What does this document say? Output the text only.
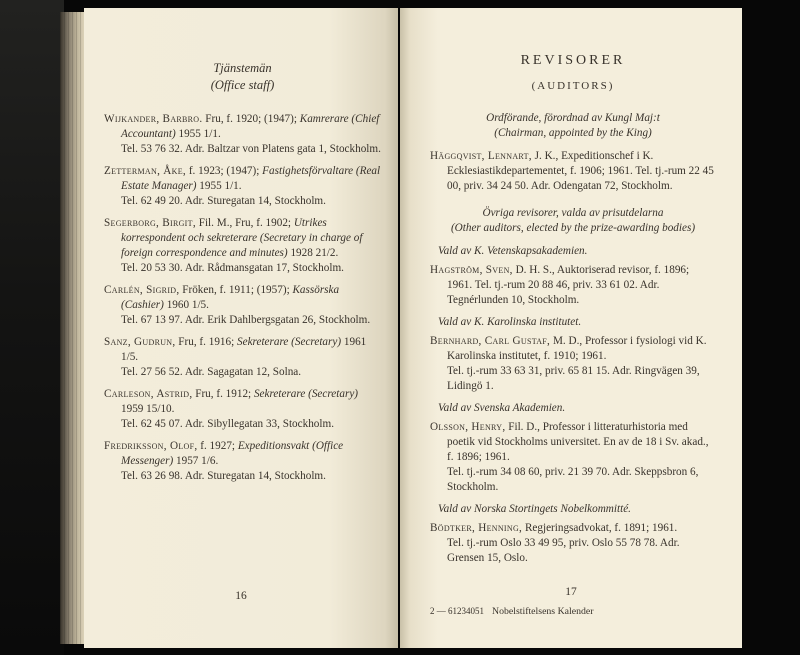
Tjänstemän
(Office staff)

Wijkander, Barbro. Fru, f. 1920; (1947); Kamrerare (Chief Accountant) 1955 1/1.
Tel. 53 76 32. Adr. Baltzar von Platens gata 1, Stockholm.

Zetterman, Åke, f. 1923; (1947); Fastighetsförvaltare (Real Estate Manager) 1955 1/1.
Tel. 62 49 20. Adr. Sturegatan 14, Stockholm.

Segerborg, Birgit, Fil. M., Fru, f. 1902; Utrikes korrespondent och sekreterare (Secretary in charge of foreign correspondence and minutes) 1928 21/2.
Tel. 20 53 30. Adr. Rådmansgatan 17, Stockholm.

Carlén, Sigrid, Fröken, f. 1911; (1957); Kassörska (Cashier) 1960 1/5.
Tel. 67 13 97. Adr. Erik Dahlbergsgatan 26, Stockholm.

Sanz, Gudrun, Fru, f. 1916; Sekreterare (Secretary) 1961 1/5.
Tel. 27 56 52. Adr. Sagagatan 12, Solna.

Carleson, Astrid, Fru, f. 1912; Sekreterare (Secretary) 1959 15/10.
Tel. 62 45 07. Adr. Sibyllegatan 33, Stockholm.

Fredriksson, Olof, f. 1927; Expeditionsvakt (Office Messenger) 1957 1/6.
Tel. 63 26 98. Adr. Sturegatan 14, Stockholm.

16
REVISORER
(AUDITORS)
Ordförande, förordnad av Kungl Maj:t
(Chairman, appointed by the King)

Häggqvist, Lennart, J. K., Expeditionschef i K. Ecklesiastikdepartementet, f. 1906; 1961. Tel. tj.-rum 22 45 00, priv. 34 24 50. Adr. Odengatan 72, Stockholm.

Övriga revisorer, valda av prisutdelarna
(Other auditors, elected by the prize-awarding bodies)
Vald av K. Vetenskapsakademien.

Hagström, Sven, D. H. S., Auktoriserad revisor, f. 1896; 1961. Tel. tj.-rum 20 88 46, priv. 33 61 02. Adr. Tegnérlunden 10, Stockholm.

Vald av K. Karolinska institutet.

Bernhard, Carl Gustaf, M. D., Professor i fysiologi vid K. Karolinska institutet, f. 1910; 1961.
Tel. tj.-rum 33 63 31, priv. 65 81 15. Adr. Ringvägen 39, Lidingö 1.

Vald av Svenska Akademien.

Olsson, Henry, Fil. D., Professor i litteraturhistoria med poetik vid Stockholms universitet. En av de 18 i Sv. akad., f. 1896; 1961.
Tel. tj.-rum 34 08 60, priv. 21 39 70. Adr. Skeppsbron 6, Stockholm.

Vald av Norska Stortingets Nobelkommitté.

Bödtker, Henning, Regjeringsadvokat, f. 1891; 1961.
Tel. tj.-rum Oslo 33 49 95, priv. Oslo 55 78 78. Adr. Grensen 15, Oslo.

17
2 — 61234051 Nobelstiftelsens Kalender
